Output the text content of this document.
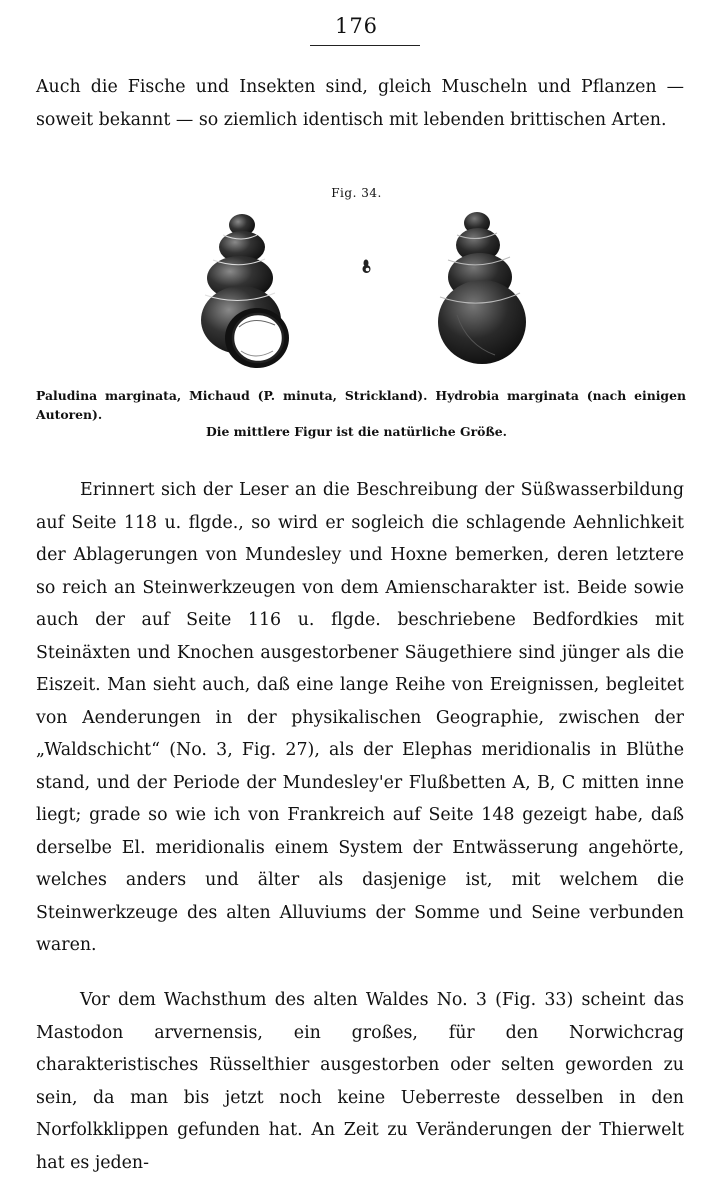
176
Auch die Fische und Insekten sind, gleich Muscheln und Pflanzen — soweit bekannt — so ziemlich identisch mit lebenden brittischen Arten.
Fig. 34.
Paludina marginata, Michaud (P. minuta, Strickland). Hydrobia marginata (nach einigen Autoren).
Die mittlere Figur ist die natürliche Größe.
Erinnert sich der Leser an die Beschreibung der Süßwasserbildung auf Seite 118 u. flgde., so wird er sogleich die schlagende Aehnlichkeit der Ablagerungen von Mundesley und Hoxne bemerken, deren letztere so reich an Steinwerkzeugen von dem Amienscharakter ist. Beide sowie auch der auf Seite 116 u. flgde. beschriebene Bedfordkies mit Steinäxten und Knochen ausgestorbener Säugethiere sind jünger als die Eiszeit. Man sieht auch, daß eine lange Reihe von Ereignissen, begleitet von Aenderungen in der physikalischen Geographie, zwischen der „Waldschicht“ (No. 3, Fig. 27), als der Elephas meridionalis in Blüthe stand, und der Periode der Mundesley'er Flußbetten A, B, C mitten inne liegt; grade so wie ich von Frankreich auf Seite 148 gezeigt habe, daß derselbe El. meridionalis einem System der Entwässerung angehörte, welches anders und älter als dasjenige ist, mit welchem die Steinwerkzeuge des alten Alluviums der Somme und Seine verbunden waren.
Vor dem Wachsthum des alten Waldes No. 3 (Fig. 33) scheint das Mastodon arvernensis, ein großes, für den Norwichcrag charakteristisches Rüsselthier ausgestorben oder selten geworden zu sein, da man bis jetzt noch keine Ueberreste desselben in den Norfolkklippen gefunden hat. An Zeit zu Veränderungen der Thierwelt hat es jeden-
